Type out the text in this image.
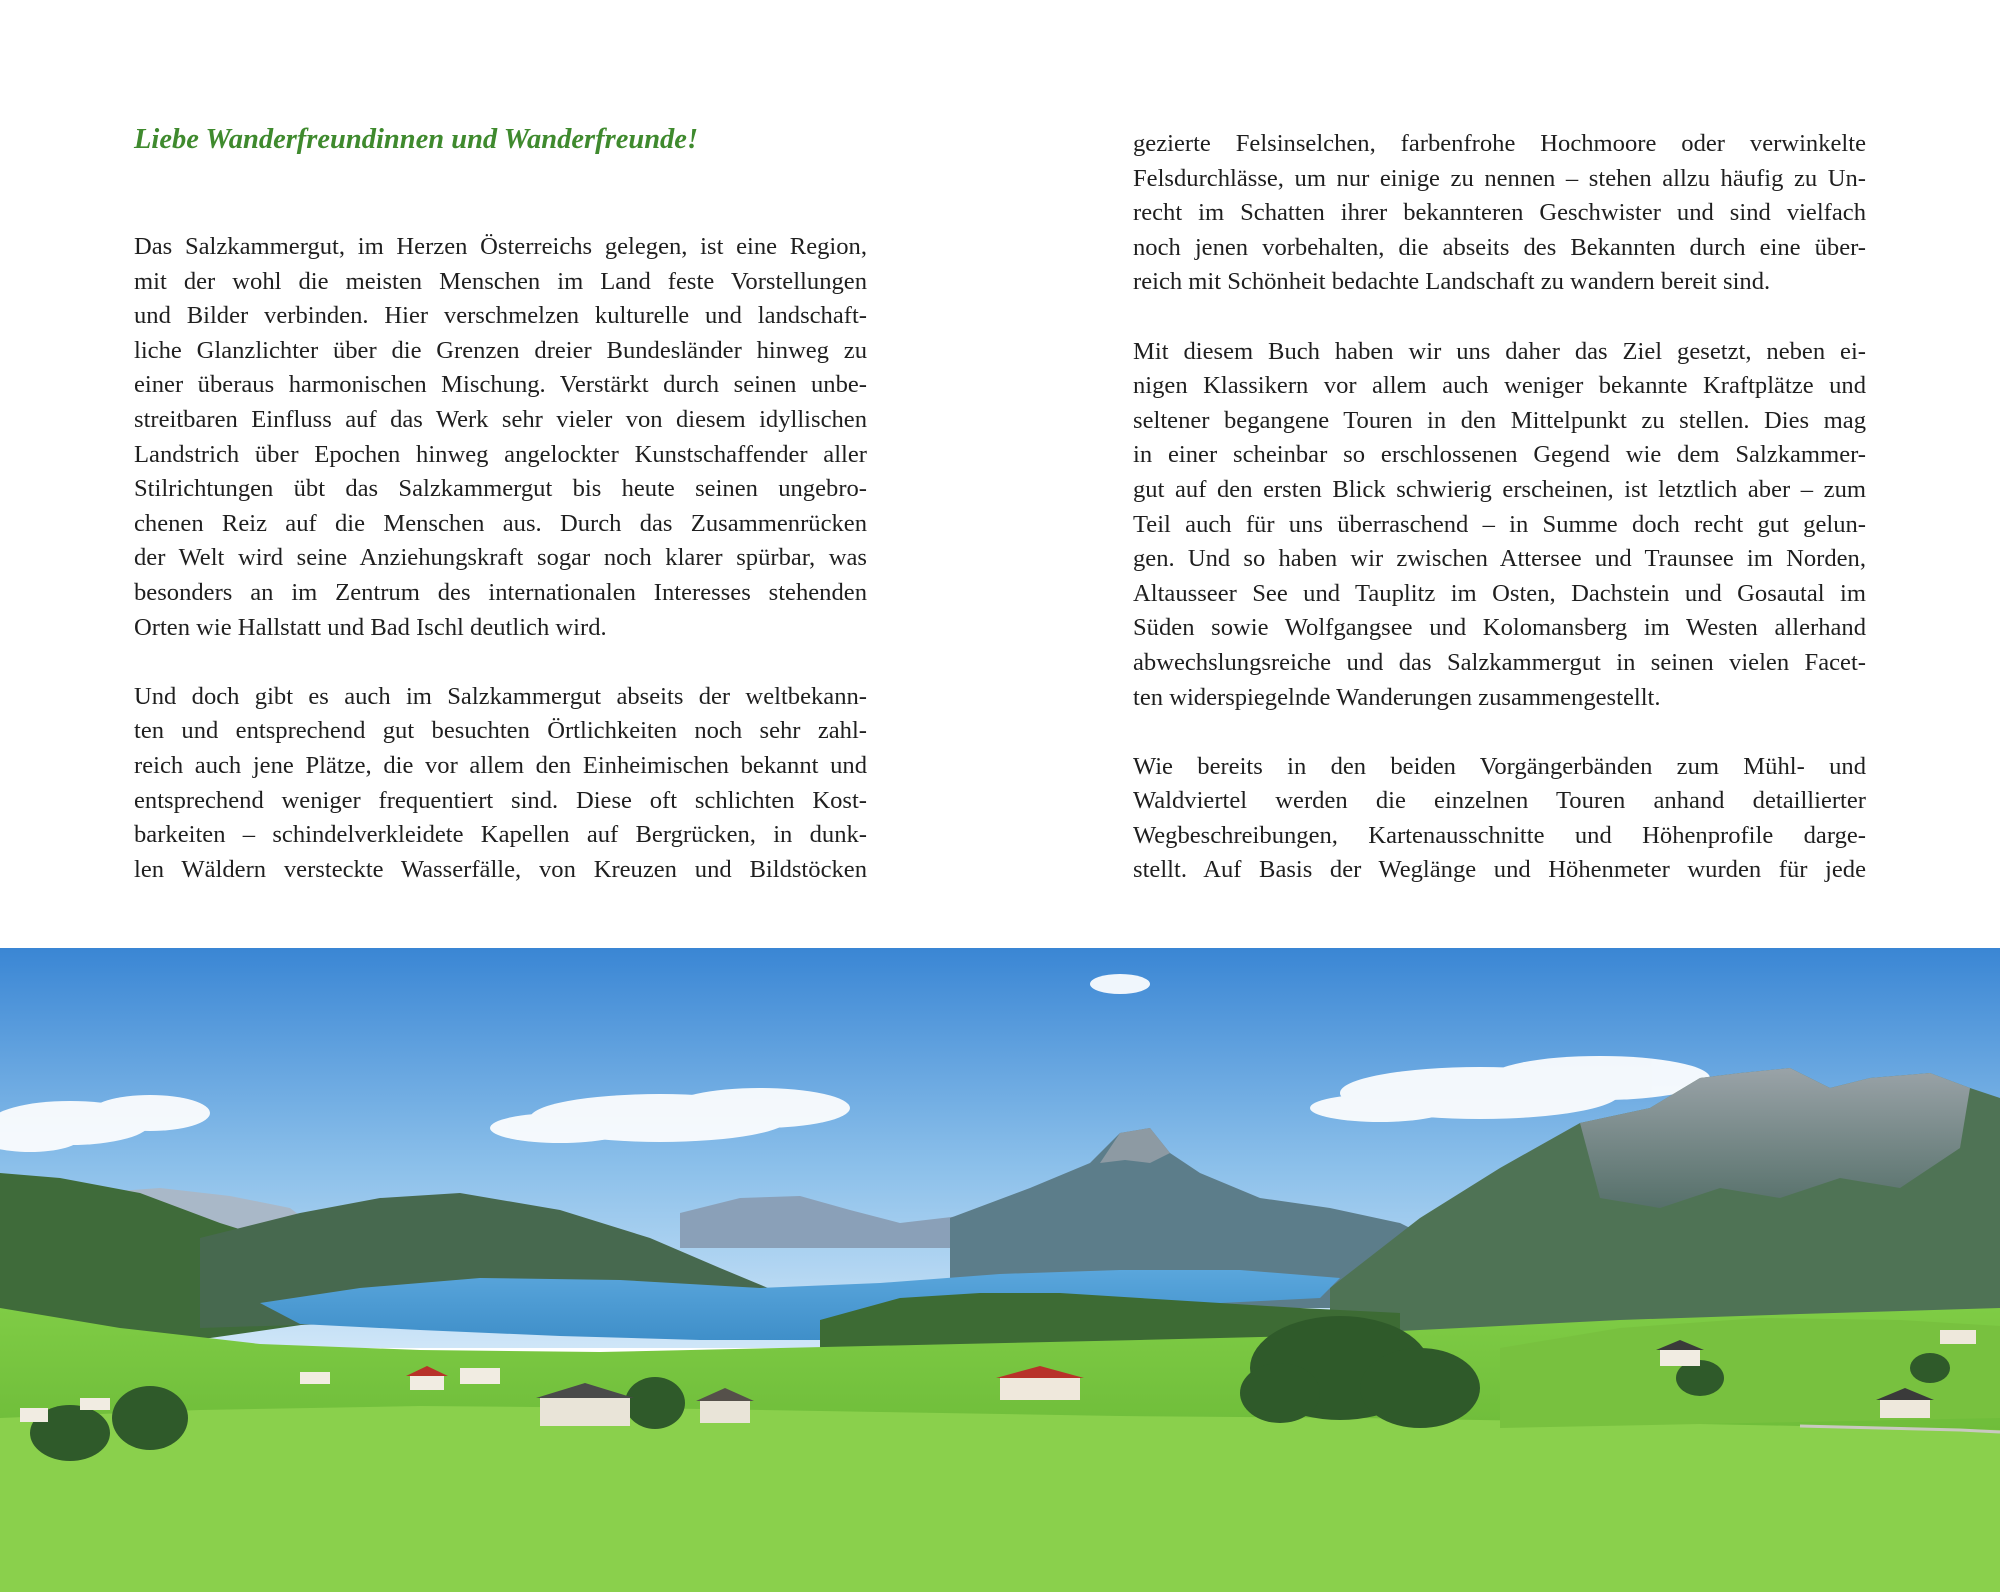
Liebe Wanderfreundinnen und Wanderfreunde!

Das Salzkammergut, im Herzen Österreichs gelegen, ist eine Region,
mit der wohl die meisten Menschen im Land feste Vorstellungen
und Bilder verbinden. Hier verschmelzen kulturelle und landschaft-
liche Glanzlichter über die Grenzen dreier Bundesländer hinweg zu
einer überaus harmonischen Mischung. Verstärkt durch seinen unbe-
streitbaren Einfluss auf das Werk sehr vieler von diesem idyllischen
Landstrich über Epochen hinweg angelockter Kunstschaffender aller
Stilrichtungen übt das Salzkammergut bis heute seinen ungebro-
chenen Reiz auf die Menschen aus. Durch das Zusammenrücken
der Welt wird seine Anziehungskraft sogar noch klarer spürbar, was
besonders an im Zentrum des internationalen Interesses stehenden
Orten wie Hallstatt und Bad Ischl deutlich wird.

Und doch gibt es auch im Salzkammergut abseits der weltbekann-
ten und entsprechend gut besuchten Örtlichkeiten noch sehr zahl-
reich auch jene Plätze, die vor allem den Einheimischen bekannt und
entsprechend weniger frequentiert sind. Diese oft schlichten Kost-
barkeiten – schindelverkleidete Kapellen auf Bergrücken, in dunk-
len Wäldern versteckte Wasserfälle, von Kreuzen und Bildstöcken

gezierte Felsinselchen, farbenfrohe Hochmoore oder verwinkelte
Felsdurchlässe, um nur einige zu nennen – stehen allzu häufig zu Un-
recht im Schatten ihrer bekannteren Geschwister und sind vielfach
noch jenen vorbehalten, die abseits des Bekannten durch eine über-
reich mit Schönheit bedachte Landschaft zu wandern bereit sind.

Mit diesem Buch haben wir uns daher das Ziel gesetzt, neben ei-
nigen Klassikern vor allem auch weniger bekannte Kraftplätze und
seltener begangene Touren in den Mittelpunkt zu stellen. Dies mag
in einer scheinbar so erschlossenen Gegend wie dem Salzkammer-
gut auf den ersten Blick schwierig erscheinen, ist letztlich aber – zum
Teil auch für uns überraschend – in Summe doch recht gut gelun-
gen. Und so haben wir zwischen Attersee und Traunsee im Norden,
Altausseer See und Tauplitz im Osten, Dachstein und Gosautal im
Süden sowie Wolfgangsee und Kolomansberg im Westen allerhand
abwechslungsreiche und das Salzkammergut in seinen vielen Facet-
ten widerspiegelnde Wanderungen zusammengestellt.

Wie bereits in den beiden Vorgängerbänden zum Mühl- und
Waldviertel werden die einzelnen Touren anhand detaillierter
Wegbeschreibungen, Kartenausschnitte und Höhenprofile darge-
stellt. Auf Basis der Weglänge und Höhenmeter wurden für jede
